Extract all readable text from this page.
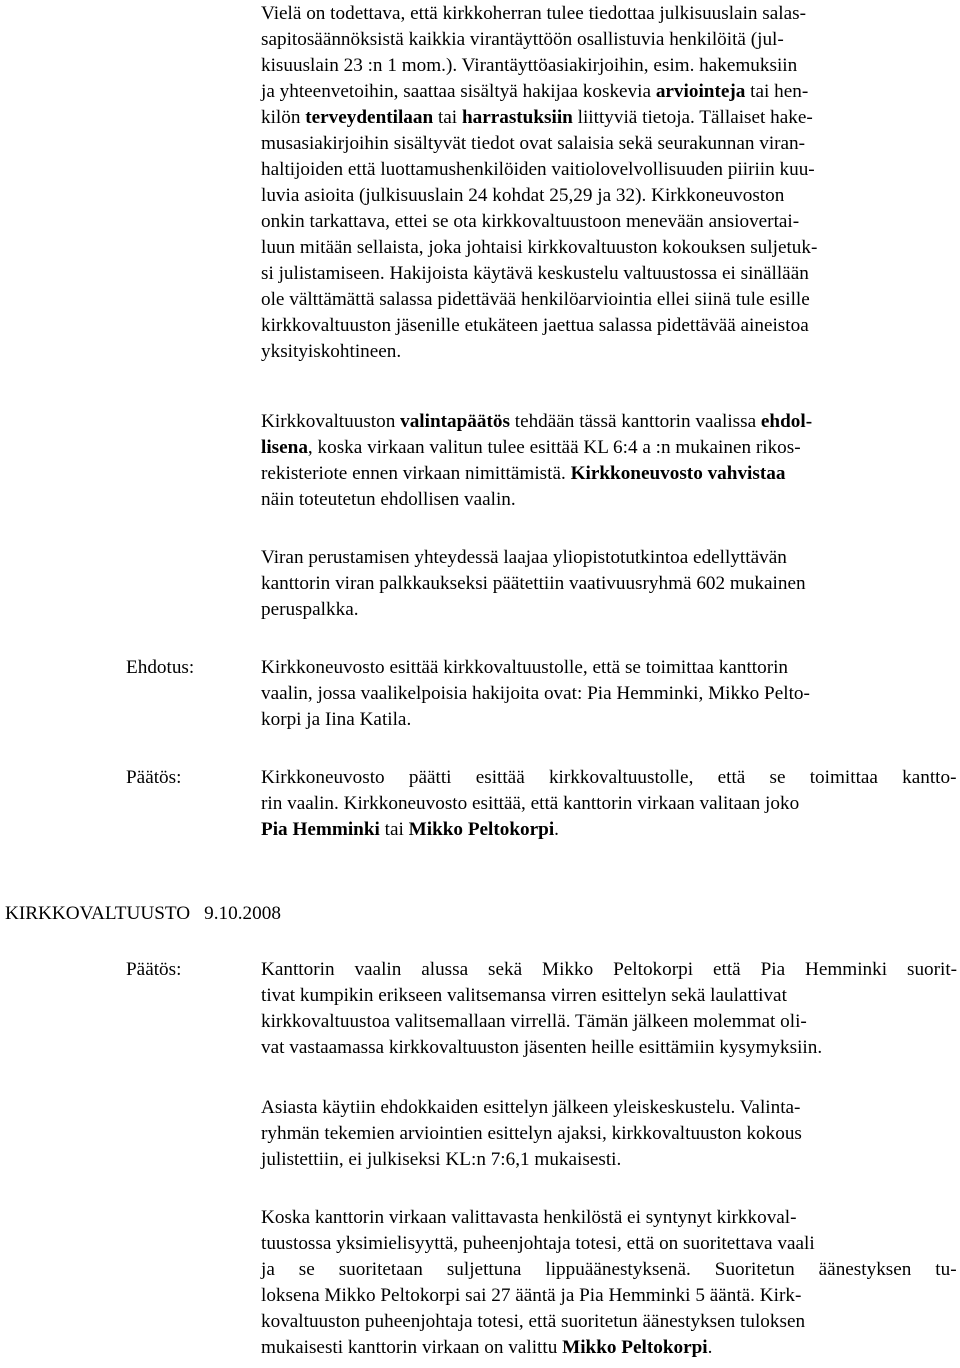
Vielä on todettava, että kirkkoherran tulee tiedottaa julkisuuslain salas-
sapitosäännöksistä kaikkia virantäyttöön osallistuvia henkilöitä (jul-
kisuuslain 23 :n 1 mom.). Virantäyttöasiakirjoihin, esim. hakemuksiin
ja yhteenvetoihin, saattaa sisältyä hakijaa koskevia arviointeja tai hen-
kilön terveydentilaan tai harrastuksiin liittyviä tietoja. Tällaiset hake-
musasiakirjoihin sisältyvät tiedot ovat salaisia sekä seurakunnan viran-
haltijoiden että luottamushenkilöiden vaitiolovelvollisuuden piiriin kuu-
luvia asioita (julkisuuslain 24 kohdat 25,29 ja 32). Kirkkoneuvoston
onkin tarkattava, ettei se ota kirkkovaltuustoon menevään ansiovertai-
luun mitään sellaista, joka johtaisi kirkkovaltuuston kokouksen suljetuk-
si julistamiseen. Hakijoista käytävä keskustelu valtuustossa ei sinällään
ole välttämättä salassa pidettävää henkilöarviointia ellei siinä tule esille
kirkkovaltuuston jäsenille etukäteen jaettua salassa pidettävää aineistoa
yksityiskohtineen.
Kirkkovaltuuston valintapäätös tehdään tässä kanttorin vaalissa ehdol-
lisena, koska virkaan valitun tulee esittää KL 6:4 a :n mukainen rikos-
rekisteriote ennen virkaan nimittämistä. Kirkkoneuvosto vahvistaa
näin toteutetun ehdollisen vaalin.
Viran perustamisen yhteydessä laajaa yliopistotutkintoa edellyttävän
kanttorin viran palkkaukseksi päätettiin vaativuusryhmä 602 mukainen
peruspalkka.
Ehdotus:	Kirkkoneuvosto esittää kirkkovaltuustolle, että se toimittaa kanttorin
vaalin, jossa vaalikelpoisia hakijoita ovat: Pia Hemminki, Mikko Pelto-
korpi ja Iina Katila.
Päätös:	Kirkkoneuvosto päätti esittää kirkkovaltuustolle, että se toimittaa kantto-
rin vaalin. Kirkkoneuvosto esittää, että kanttorin virkaan valitaan joko
Pia Hemminki tai Mikko Peltokorpi.
KIRKKOVALTUUSTO 9.10.2008
Päätös:	Kanttorin vaalin alussa sekä Mikko Peltokorpi että Pia Hemminki suorit-
tivat kumpikin erikseen valitsemansa virren esittelyn sekä laulattivat
kirkkovaltuustoa valitsemallaan virrellä. Tämän jälkeen molemmat oli-
vat vastaamassa kirkkovaltuuston jäsenten heille esittämiin kysymyksiin.
Asiasta käytiin ehdokkaiden esittelyn jälkeen yleiskeskustelu. Valinta-
ryhmän tekemien arviointien esittelyn ajaksi, kirkkovaltuuston kokous
julistettiin, ei julkiseksi KL:n 7:6,1 mukaisesti.
Koska kanttorin virkaan valittavasta henkilöstä ei syntynyt kirkkoval-
tuustossa yksimielisyyttä, puheenjohtaja totesi, että on suoritettava vaali
ja se suoritetaan suljettuna lippuäänestyksenä. Suoritetun äänestyksen tu-
loksena Mikko Peltokorpi sai 27 ääntä ja Pia Hemminki 5 ääntä. Kirk-
kovaltuuston puheenjohtaja totesi, että suoritetun äänestyksen tuloksen
mukaisesti kanttorin virkaan on valittu Mikko Peltokorpi.
